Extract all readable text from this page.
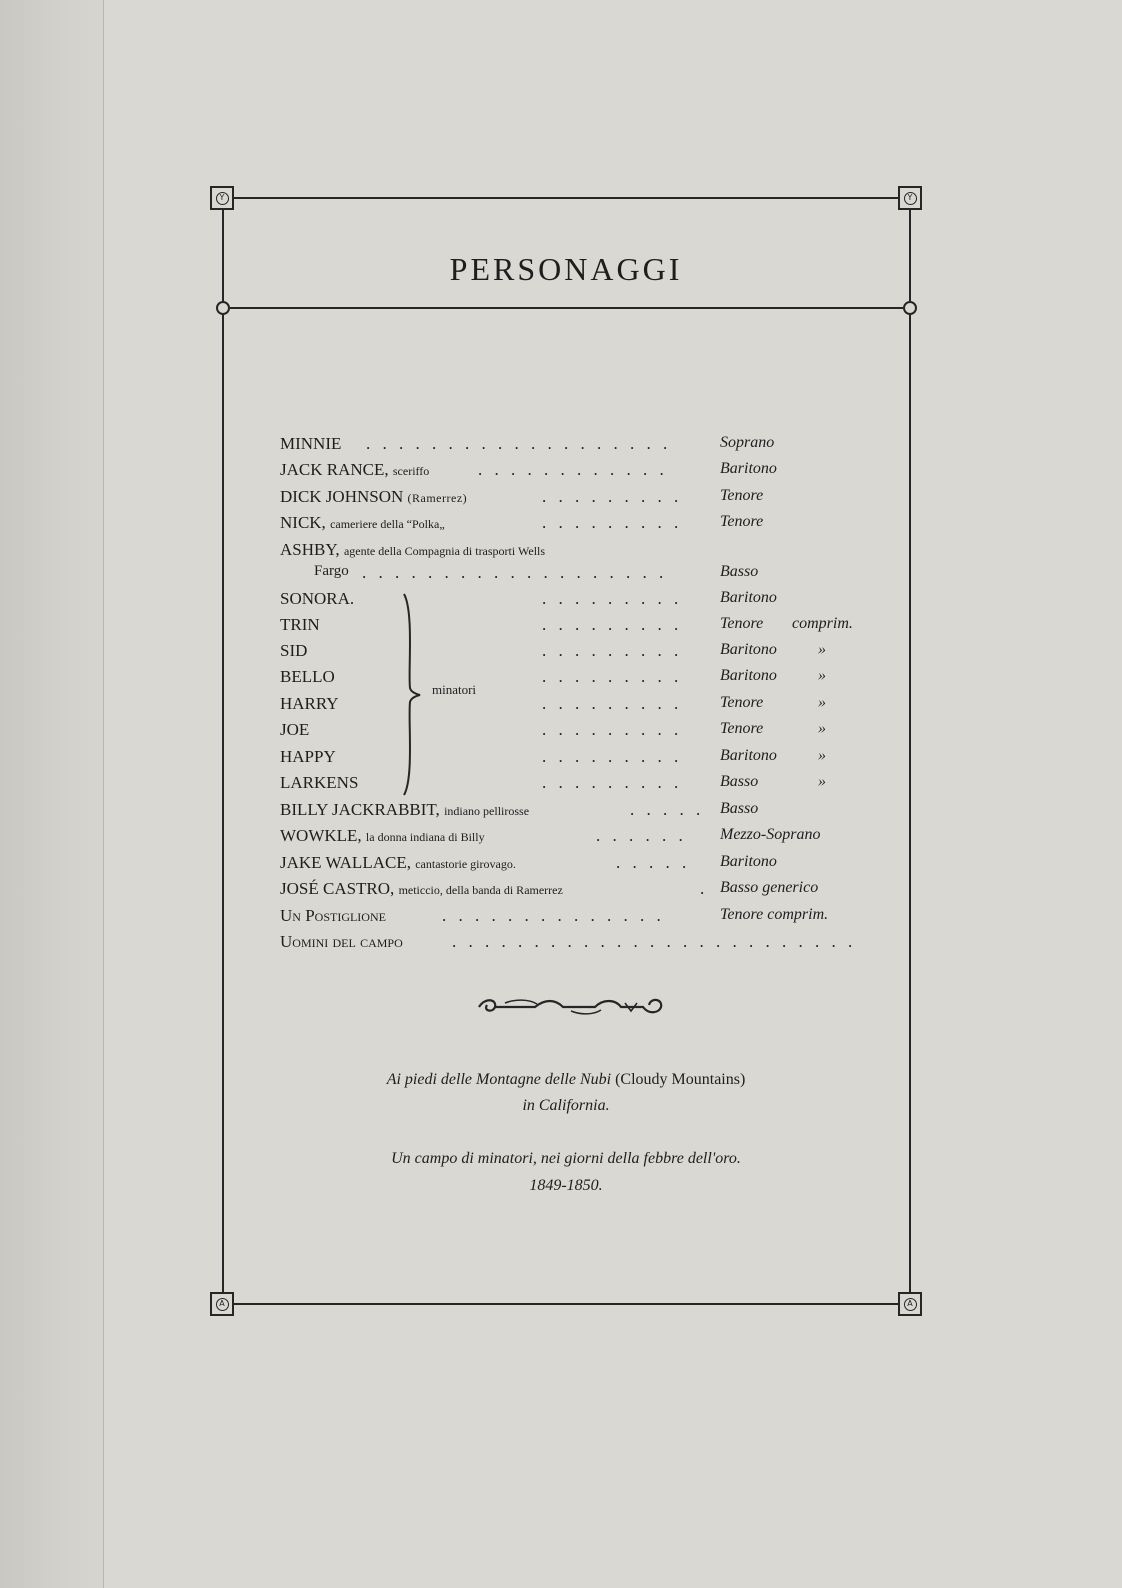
Y	Y
A	A
PERSONAGGI
MINNIE . . . . . . . . . . . . . . . . . . .	Soprano
JACK RANCE, sceriffo	. . . . . . . . . . . .	Baritono
DICK JOHNSON (Ramerrez)	. . . . . . . . . Tenore
NICK, cameriere della “Polka„	. . . . . . . . . Tenore
ASHBY, agente della Compagnia di trasporti Wells
Fargo . . . . . . . . . . . . . . . . . . .	Basso
SONORA.	. . . . . . . . . Baritono
TRIN	. . . . . . . . . Tenore comprim.
SID	. . . . . . . . . Baritono	»
BELLO	. . . . . . . . . Baritono	»
HARRY	. . . . . . . . . Tenore	»
JOE	. . . . . . . . . Tenore	»
HAPPY	. . . . . . . . . Baritono	»
LARKENS	. . . . . . . . . Basso	»
minatori
BILLY JACKRABBIT, indiano pellirosse	. . . . . Basso
WOWKLE, la donna indiana di Billy	. . . . . . Mezzo-Soprano
JAKE WALLACE, cantastorie girovago.	. . . . . Baritono
JOSÉ CASTRO, meticcio, della banda di Ramerrez	. Basso generico
Un Postiglione	. . . . . . . . . . . . . .	Tenore comprim.
Uomini del campo	. . . . . . . . . . . . . . . . . . . . . . . . .
Ai piedi delle Montagne delle Nubi (Cloudy Mountains)
in California.
Un campo di minatori, nei giorni della febbre dell'oro.
1849-1850.
